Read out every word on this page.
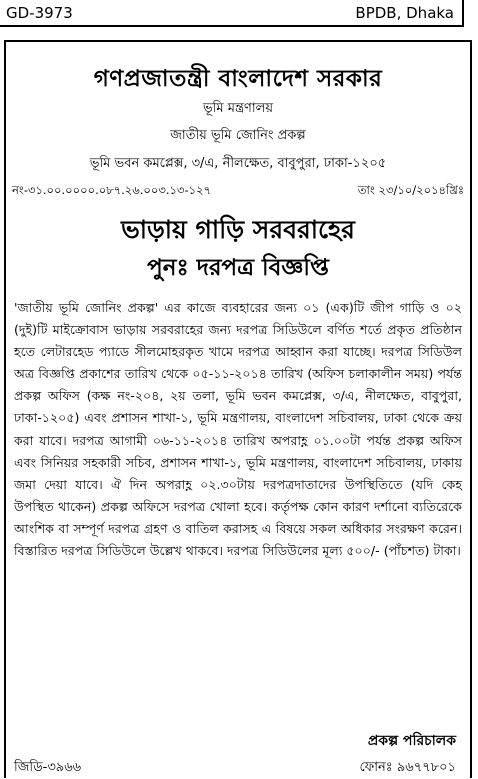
GD-3973	BPDB, Dhaka
গণপ্রজাতন্ত্রী বাংলাদেশ সরকার
ভূমি মন্ত্রণালয়
জাতীয় ভূমি জোনিং প্রকল্প
ভূমি ভবন কমপ্লেক্স, ৩/এ, নীলক্ষেত, বাবুপুরা, ঢাকা-১২০৫
নং-৩১.০০.০০০০.০৮৭.২৬.০০৩.১৩-১২৭	তাং ২৩/১০/২০১৪খ্রিঃ
ভাড়ায় গাড়ি সরবরাহের
পুনঃ দরপত্র বিজ্ঞপ্তি
'জাতীয় ভূমি জোনিং প্রকল্প' এর কাজে ব্যবহারের জন্য ০১ (এক)টি জীপ গাড়ি ও ০২ (দুই)টি মাইক্রোবাস ভাড়ায় সরবরাহের জন্য দরপত্র সিডিউলে বর্ণিত শর্তে প্রকৃত প্রতিষ্ঠান হতে লেটারহেড প্যাডে সীলমোহরকৃত খামে দরপত্র আহ্বান করা যাচ্ছে। দরপত্র সিডিউল অত্র বিজ্ঞপ্তি প্রকাশের তারিখ থেকে ০৫-১১-২০১৪ তারিখ (অফিস চলাকালীন সময়) পর্যন্ত প্রকল্প অফিস (কক্ষ নং-২০৪, ২য় তলা, ভূমি ভবন কমপ্লেক্স, ৩/এ, নীলক্ষেত, বাবুপুরা, ঢাকা-১২০৫) এবং প্রশাসন শাখা-১, ভূমি মন্ত্রণালয়, বাংলাদেশ সচিবালয়, ঢাকা থেকে ক্রয় করা যাবে। দরপত্র আগামী ০৬-১১-২০১৪ তারিখ অপরাহ্ণ ০১.০০টা পর্যন্ত প্রকল্প অফিস এবং সিনিয়র সহকারী সচিব, প্রশাসন শাখা-১, ভূমি মন্ত্রণালয়, বাংলাদেশ সচিবালয়, ঢাকায় জমা দেয়া যাবে। ঐ দিন অপরাহ্ণ ০২.৩০টায় দরপত্রদাতাদের উপস্থিতিতে (যদি কেহ উপস্থিত থাকেন) প্রকল্প অফিসে দরপত্র খোলা হবে। কর্তৃপক্ষ কোন কারণ দর্শানো ব্যতিরেকে আংশিক বা সম্পূর্ণ দরপত্র গ্রহণ ও বাতিল করাসহ এ বিষয়ে সকল অধিকার সংরক্ষণ করেন। বিস্তারিত দরপত্র সিডিউলে উল্লেখ থাকবে। দরপত্র সিডিউলের মূল্য ৫০০/- (পাঁচশত) টাকা।
প্রকল্প পরিচালক
জিডি-৩৯৬৬	ফোনঃ ৯৬৭৭৮০১
